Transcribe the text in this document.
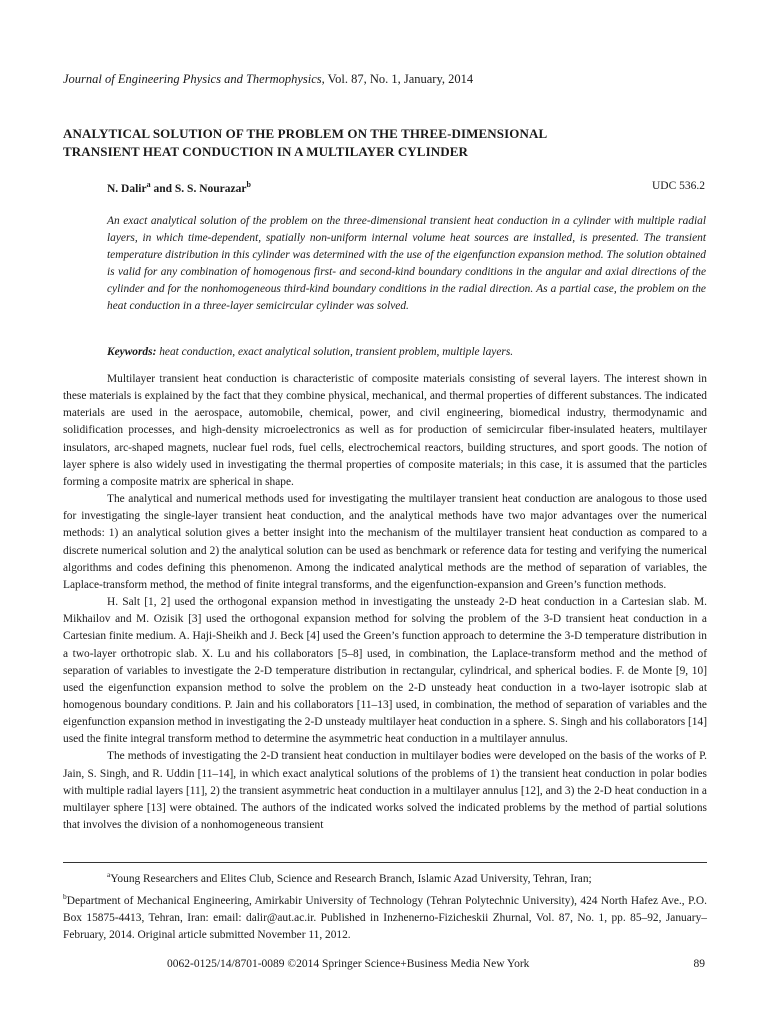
Journal of Engineering Physics and Thermophysics, Vol. 87, No. 1, January, 2014
ANALYTICAL SOLUTION OF THE PROBLEM ON THE THREE-DIMENSIONAL
TRANSIENT HEAT CONDUCTION IN A MULTILAYER CYLINDER
N. Dalir$^a$ and S. S. Nourazar$^b$	UDC 536.2

An exact analytical solution of the problem on the three-dimensional transient heat conduction in a cylinder with multiple radial layers, in which time-dependent, spatially non-uniform internal volume heat sources are installed, is presented. The transient temperature distribution in this cylinder was determined with the use of the eigenfunction expansion method. The solution obtained is valid for any combination of homogenous first- and second-kind boundary conditions in the angular and axial directions of the cylinder and for the nonhomogeneous third-kind boundary conditions in the radial direction. As a partial case, the problem on the heat conduction in a three-layer semicircular cylinder was solved.

Keywords: heat conduction, exact analytical solution, transient problem, multiple layers.

Multilayer transient heat conduction is characteristic of composite materials consisting of several layers. The interest shown in these materials is explained by the fact that they combine physical, mechanical, and thermal properties of different substances. The indicated materials are used in the aerospace, automobile, chemical, power, and civil engineering, biomedical industry, thermodynamic and solidification processes, and high-density microelectronics as well as for production of semicircular fiber-insulated heaters, multilayer insulators, arc-shaped magnets, nuclear fuel rods, fuel cells, electrochemical reactors, building structures, and sport goods. The notion of layer sphere is also widely used in investigating the thermal properties of composite materials; in this case, it is assumed that the particles forming a composite matrix are spherical in shape.

The analytical and numerical methods used for investigating the multilayer transient heat conduction are analogous to those used for investigating the single-layer transient heat conduction, and the analytical methods have two major advantages over the numerical methods: 1) an analytical solution gives a better insight into the mechanism of the multilayer transient heat conduction as compared to a discrete numerical solution and 2) the analytical solution can be used as benchmark or reference data for testing and verifying the numerical algorithms and codes defining this phenomenon. Among the indicated analytical methods are the method of separation of variables, the Laplace-transform method, the method of finite integral transforms, and the eigenfunction-expansion and Green’s function methods.

H. Salt [1, 2] used the orthogonal expansion method in investigating the unsteady 2-D heat conduction in a Cartesian slab. M. Mikhailov and M. Ozisik [3] used the orthogonal expansion method for solving the problem of the 3-D transient heat conduction in a Cartesian finite medium. A. Haji-Sheikh and J. Beck [4] used the Green’s function approach to determine the 3-D temperature distribution in a two-layer orthotropic slab. X. Lu and his collaborators [5–8] used, in combination, the Laplace-transform method and the method of separation of variables to investigate the 2-D temperature distribution in rectangular, cylindrical, and spherical bodies. F. de Monte [9, 10] used the eigenfunction expansion method to solve the problem on the 2-D unsteady heat conduction in a two-layer isotropic slab at homogenous boundary conditions. P. Jain and his collaborators [11–13] used, in combination, the method of separation of variables and the eigenfunction expansion method in investigating the 2-D unsteady multilayer heat conduction in a sphere. S. Singh and his collaborators [14] used the finite integral transform method to determine the asymmetric heat conduction in a multilayer annulus.

The methods of investigating the 2-D transient heat conduction in multilayer bodies were developed on the basis of the works of P. Jain, S. Singh, and R. Uddin [11–14], in which exact analytical solutions of the problems of 1) the transient heat conduction in polar bodies with multiple radial layers [11], 2) the transient asymmetric heat conduction in a multilayer annulus [12], and 3) the 2-D heat conduction in a multilayer sphere [13] were obtained. The authors of the indicated works solved the indicated problems by the method of partial solutions that involves the division of a nonhomogeneous transient

$^a$Young Researchers and Elites Club, Science and Research Branch, Islamic Azad University, Tehran, Iran;

$^b$Department of Mechanical Engineering, Amirkabir University of Technology (Tehran Polytechnic University), 424 North Hafez Ave., P.O. Box 15875-4413, Tehran, Iran: email: dalir@aut.ac.ir. Published in Inzhenerno-Fizicheskii Zhurnal, Vol. 87, No. 1, pp. 85–92, January–February, 2014. Original article submitted November 11, 2012.

0062-0125/14/8701-0089 ©2014 Springer Science+Business Media New York	89
